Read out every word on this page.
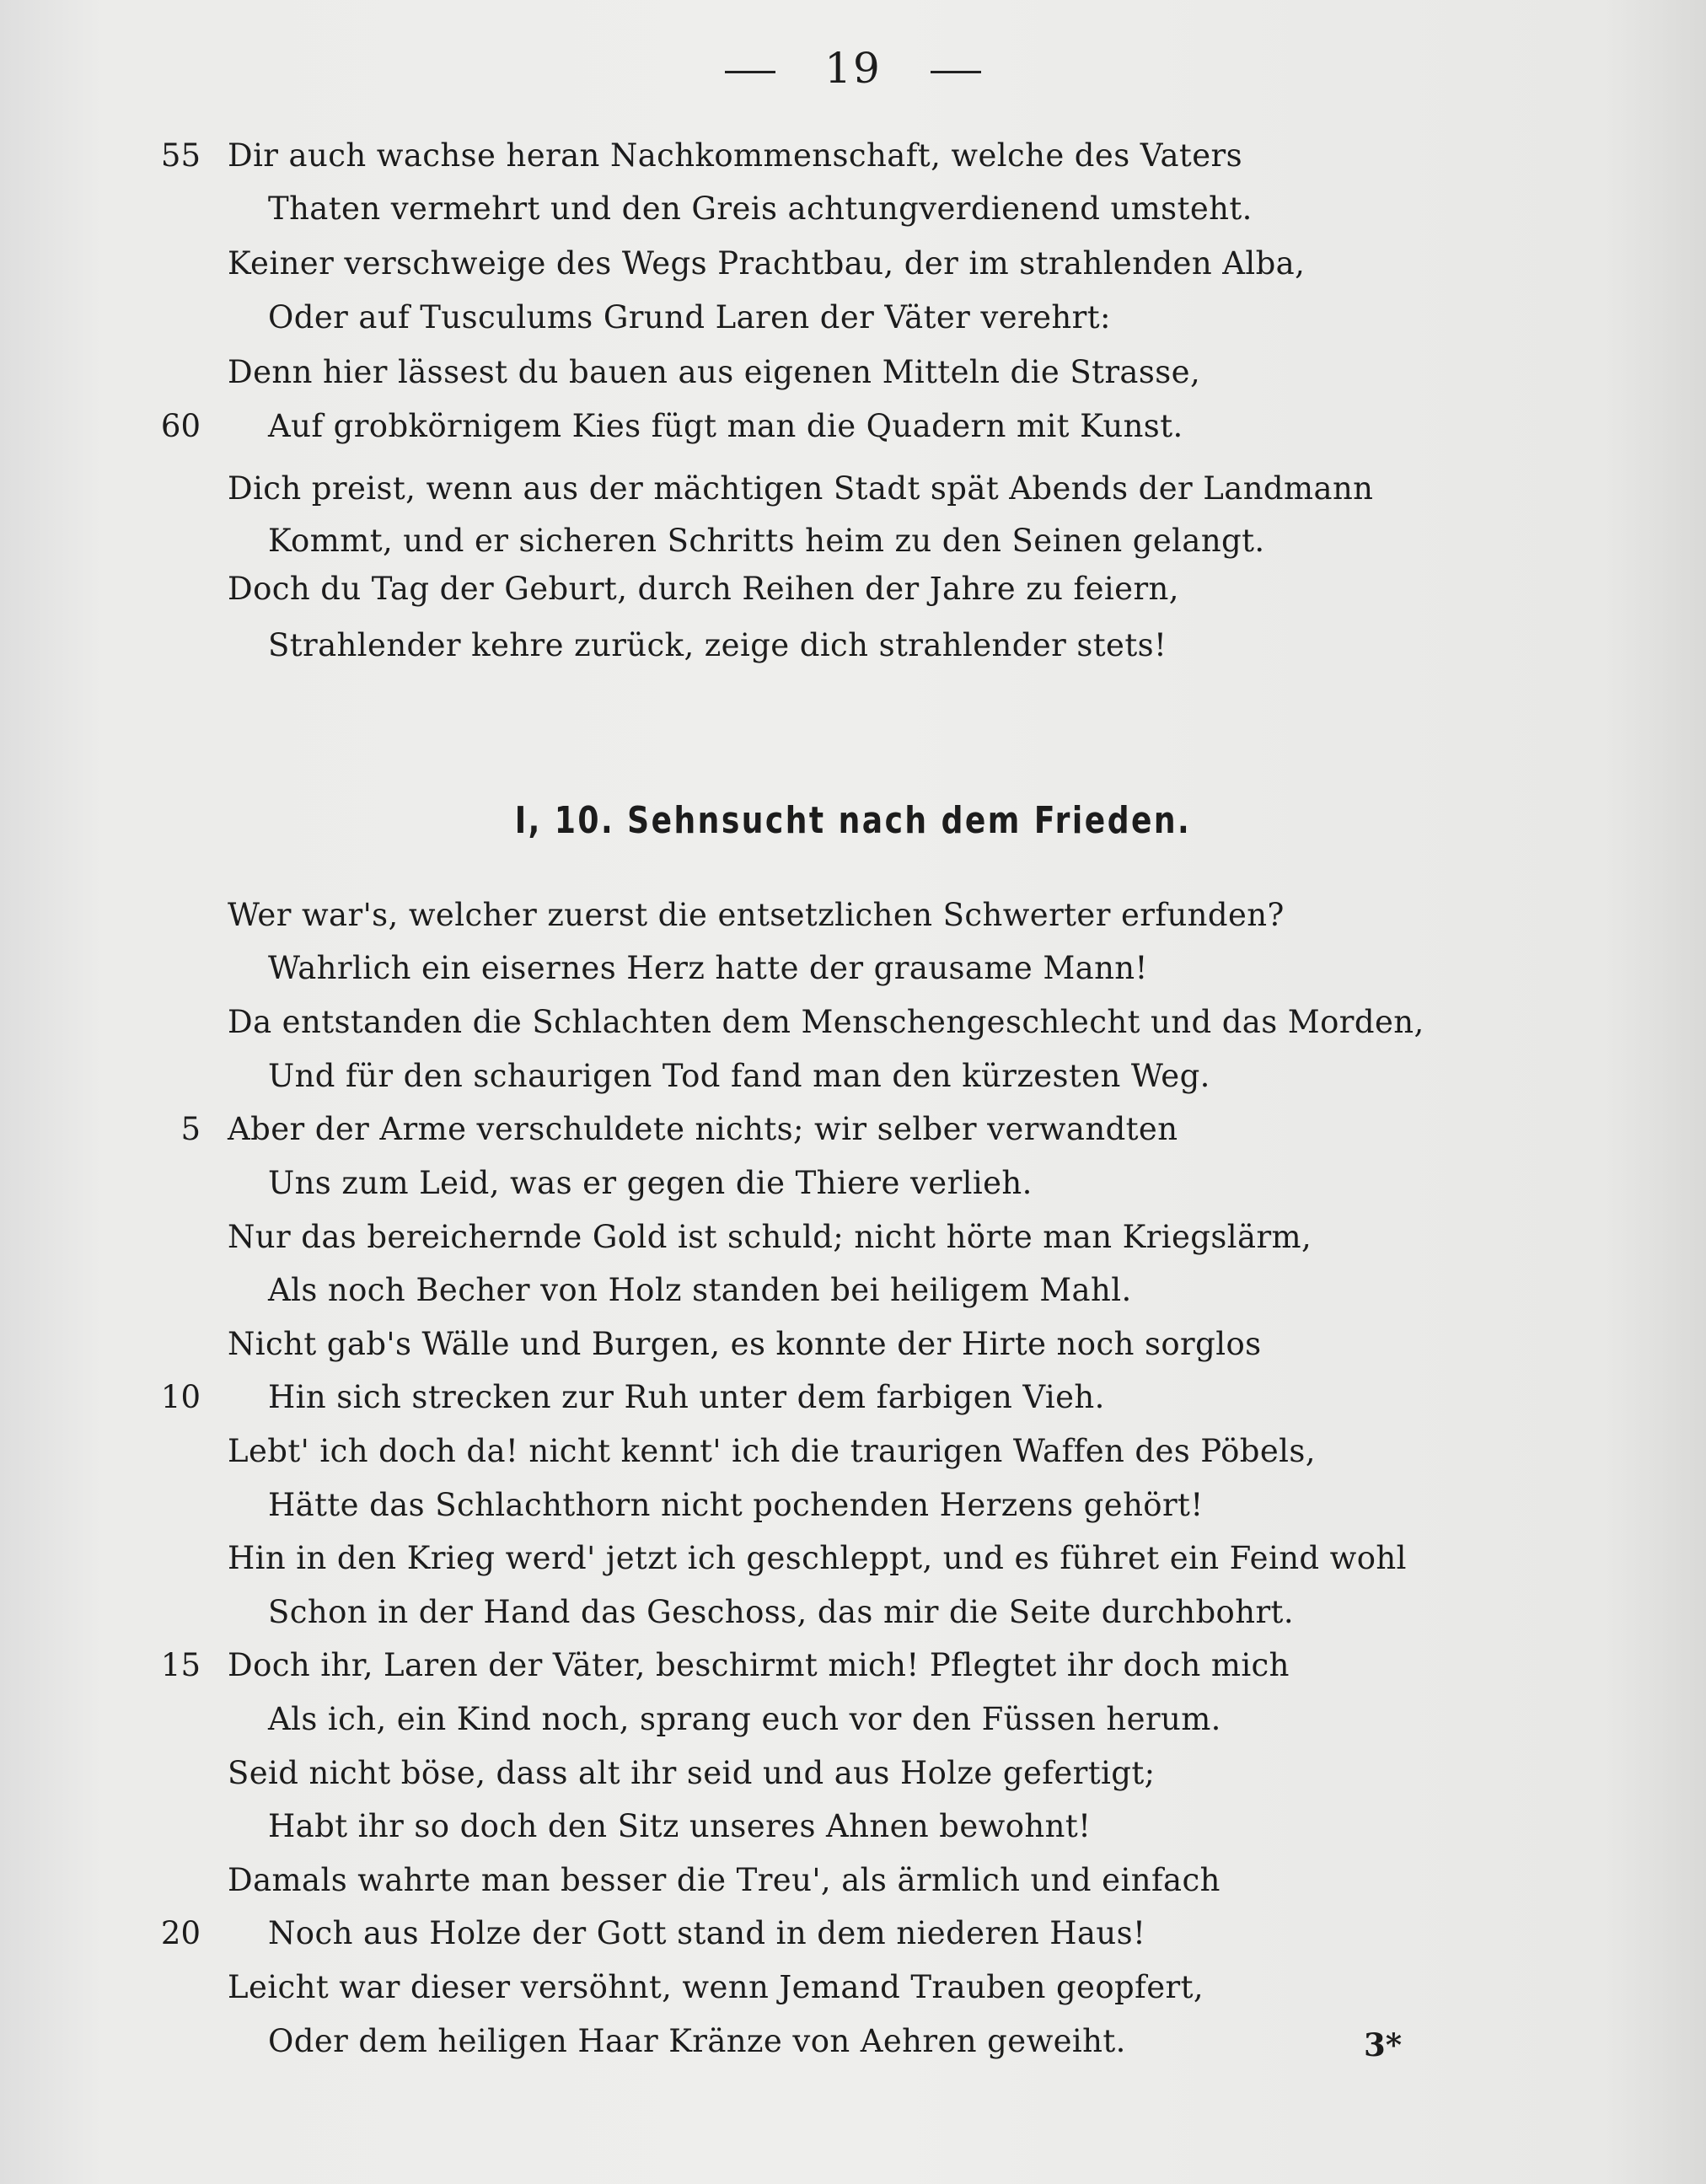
19
55 Dir auch wachse heran Nachkommenschaft, welche des Vaters
Thaten vermehrt und den Greis achtungverdienend umsteht.
Keiner verschweige des Wegs Prachtbau, der im strahlenden Alba,
Oder auf Tusculums Grund Laren der Väter verehrt:
Denn hier lässest du bauen aus eigenen Mitteln die Strasse,
60 Auf grobkörnigem Kies fügt man die Quadern mit Kunst.
Dich preist, wenn aus der mächtigen Stadt spät Abends der Landmann
Kommt, und er sicheren Schritts heim zu den Seinen gelangt.
Doch du Tag der Geburt, durch Reihen der Jahre zu feiern,
Strahlender kehre zurück, zeige dich strahlender stets!
I, 10. Sehnsucht nach dem Frieden.
Wer war's, welcher zuerst die entsetzlichen Schwerter erfunden?
Wahrlich ein eisernes Herz hatte der grausame Mann!
Da entstanden die Schlachten dem Menschengeschlecht und das Morden,
Und für den schaurigen Tod fand man den kürzesten Weg.
5 Aber der Arme verschuldete nichts; wir selber verwandten
Uns zum Leid, was er gegen die Thiere verlieh.
Nur das bereichernde Gold ist schuld; nicht hörte man Kriegslärm,
Als noch Becher von Holz standen bei heiligem Mahl.
Nicht gab's Wälle und Burgen, es konnte der Hirte noch sorglos
10 Hin sich strecken zur Ruh unter dem farbigen Vieh.
Lebt' ich doch da! nicht kennt' ich die traurigen Waffen des Pöbels,
Hätte das Schlachthorn nicht pochenden Herzens gehört!
Hin in den Krieg werd' jetzt ich geschleppt, und es führet ein Feind wohl
Schon in der Hand das Geschoss, das mir die Seite durchbohrt.
15 Doch ihr, Laren der Väter, beschirmt mich! Pflegtet ihr doch mich
Als ich, ein Kind noch, sprang euch vor den Füssen herum.
Seid nicht böse, dass alt ihr seid und aus Holze gefertigt;
Habt ihr so doch den Sitz unseres Ahnen bewohnt!
Damals wahrte man besser die Treu', als ärmlich und einfach
20 Noch aus Holze der Gott stand in dem niederen Haus!
Leicht war dieser versöhnt, wenn Jemand Trauben geopfert,
Oder dem heiligen Haar Kränze von Aehren geweiht.	3*
